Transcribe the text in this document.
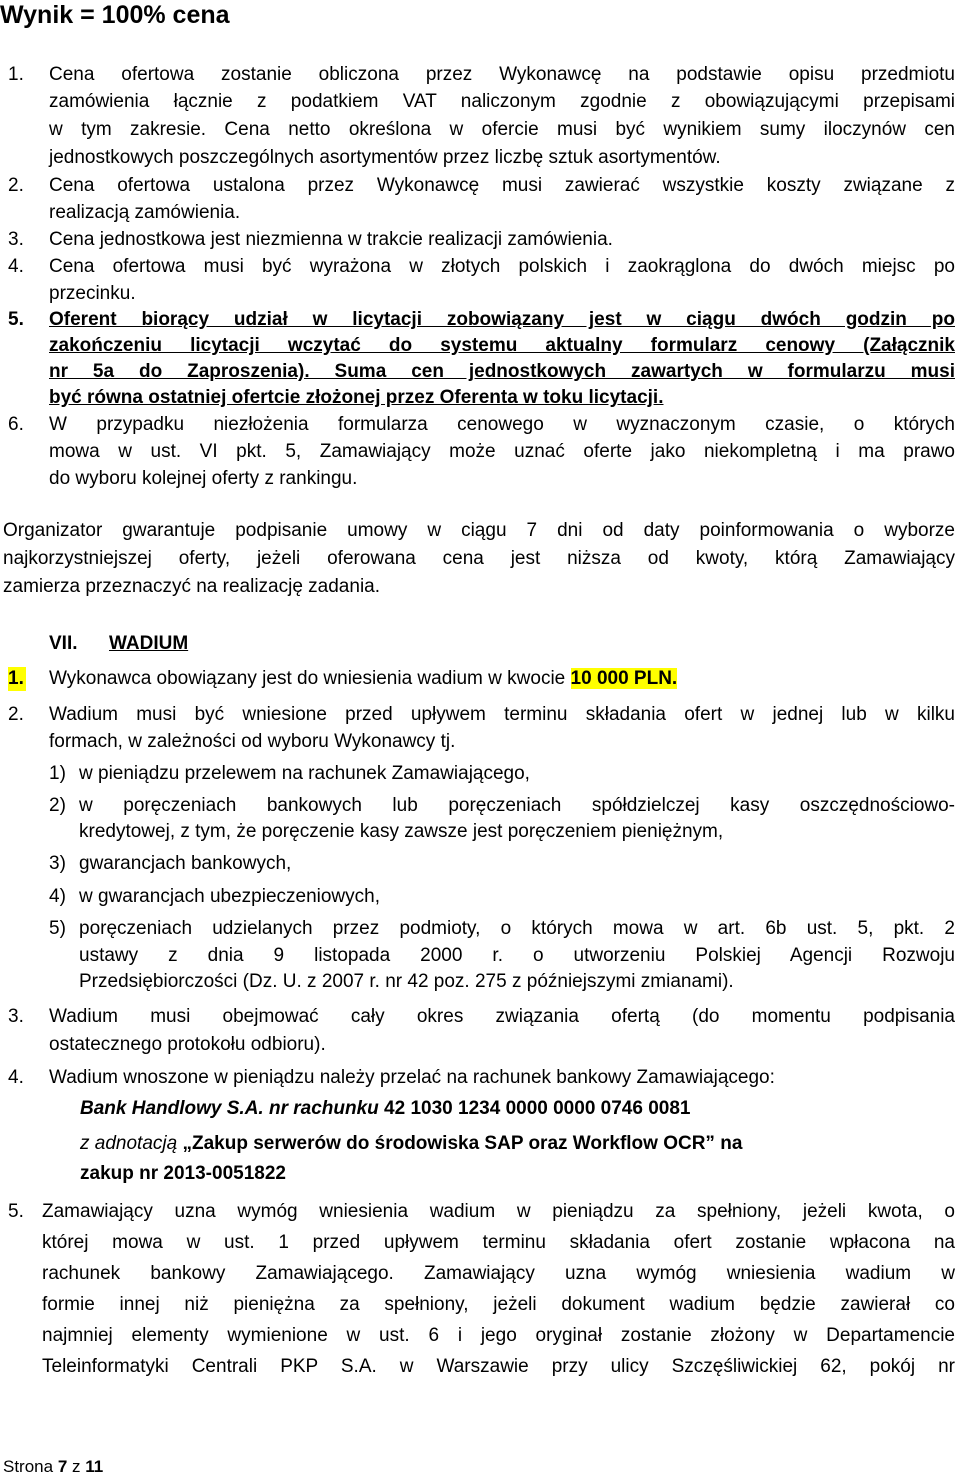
Wynik = 100% cena
1. Cena ofertowa zostanie obliczona przez Wykonawcę na podstawie opisu przedmiotu
zamówienia łącznie z podatkiem VAT naliczonym zgodnie z obowiązującymi przepisami
w tym zakresie. Cena netto określona w ofercie musi być wynikiem sumy iloczynów cen
jednostkowych poszczególnych asortymentów przez liczbę sztuk asortymentów.
2. Cena ofertowa ustalona przez Wykonawcę musi zawierać wszystkie koszty związane z
realizacją zamówienia.
3. Cena jednostkowa jest niezmienna w trakcie realizacji zamówienia.
4. Cena ofertowa musi być wyrażona w złotych polskich i zaokrąglona do dwóch miejsc po
przecinku.
5. Oferent biorący udział w licytacji zobowiązany jest w ciągu dwóch godzin po
zakończeniu licytacji wczytać do systemu aktualny formularz cenowy (Załącznik
nr 5a do Zaproszenia). Suma cen jednostkowych zawartych w formularzu musi
być równa ostatniej ofertcie złożonej przez Oferenta w toku licytacji.
6. W przypadku niezłożenia formularza cenowego w wyznaczonym czasie, o których
mowa w ust. VI pkt. 5, Zamawiający może uznać oferte jako niekompletną i ma prawo
do wyboru kolejnej oferty z rankingu.
Organizator gwarantuje podpisanie umowy w ciągu 7 dni od daty poinformowania o wyborze
najkorzystniejszej oferty, jeżeli oferowana cena jest niższa od kwoty, którą Zamawiający
zamierza przeznaczyć na realizację zadania.
VII. WADIUM
1. Wykonawca obowiązany jest do wniesienia wadium w kwocie 10 000 PLN.
2. Wadium musi być wniesione przed upływem terminu składania ofert w jednej lub w kilku
formach, w zależności od wyboru Wykonawcy tj.
1) w pieniądzu przelewem na rachunek Zamawiającego,
2) w poręczeniach bankowych lub poręczeniach spółdzielczej kasy oszczędnościowo-
kredytowej, z tym, że poręczenie kasy zawsze jest poręczeniem pieniężnym,
3) gwarancjach bankowych,
4) w gwarancjach ubezpieczeniowych,
5) poręczeniach udzielanych przez podmioty, o których mowa w art. 6b ust. 5, pkt. 2
ustawy z dnia 9 listopada 2000 r. o utworzeniu Polskiej Agencji Rozwoju
Przedsiębiorczości (Dz. U. z 2007 r. nr 42 poz. 275 z późniejszymi zmianami).
3. Wadium musi obejmować cały okres związania ofertą (do momentu podpisania
ostatecznego protokołu odbioru).
4. Wadium wnoszone w pieniądzu należy przelać na rachunek bankowy Zamawiającego:
Bank Handlowy S.A. nr rachunku 42 1030 1234 0000 0000 0746 0081
z adnotacją „Zakup serwerów do środowiska SAP oraz Workflow OCR” na
zakup nr 2013-0051822
5. Zamawiający uzna wymóg wniesienia wadium w pieniądzu za spełniony, jeżeli kwota, o
której mowa w ust. 1 przed upływem terminu składania ofert zostanie wpłacona na
rachunek bankowy Zamawiającego. Zamawiający uzna wymóg wniesienia wadium w
formie innej niż pieniężna za spełniony, jeżeli dokument wadium będzie zawierał co
najmniej elementy wymienione w ust. 6 i jego oryginał zostanie złożony w Departamencie
Teleinformatyki Centrali PKP S.A. w Warszawie przy ulicy Szczęśliwickiej 62, pokój nr
Strona 7 z 11
